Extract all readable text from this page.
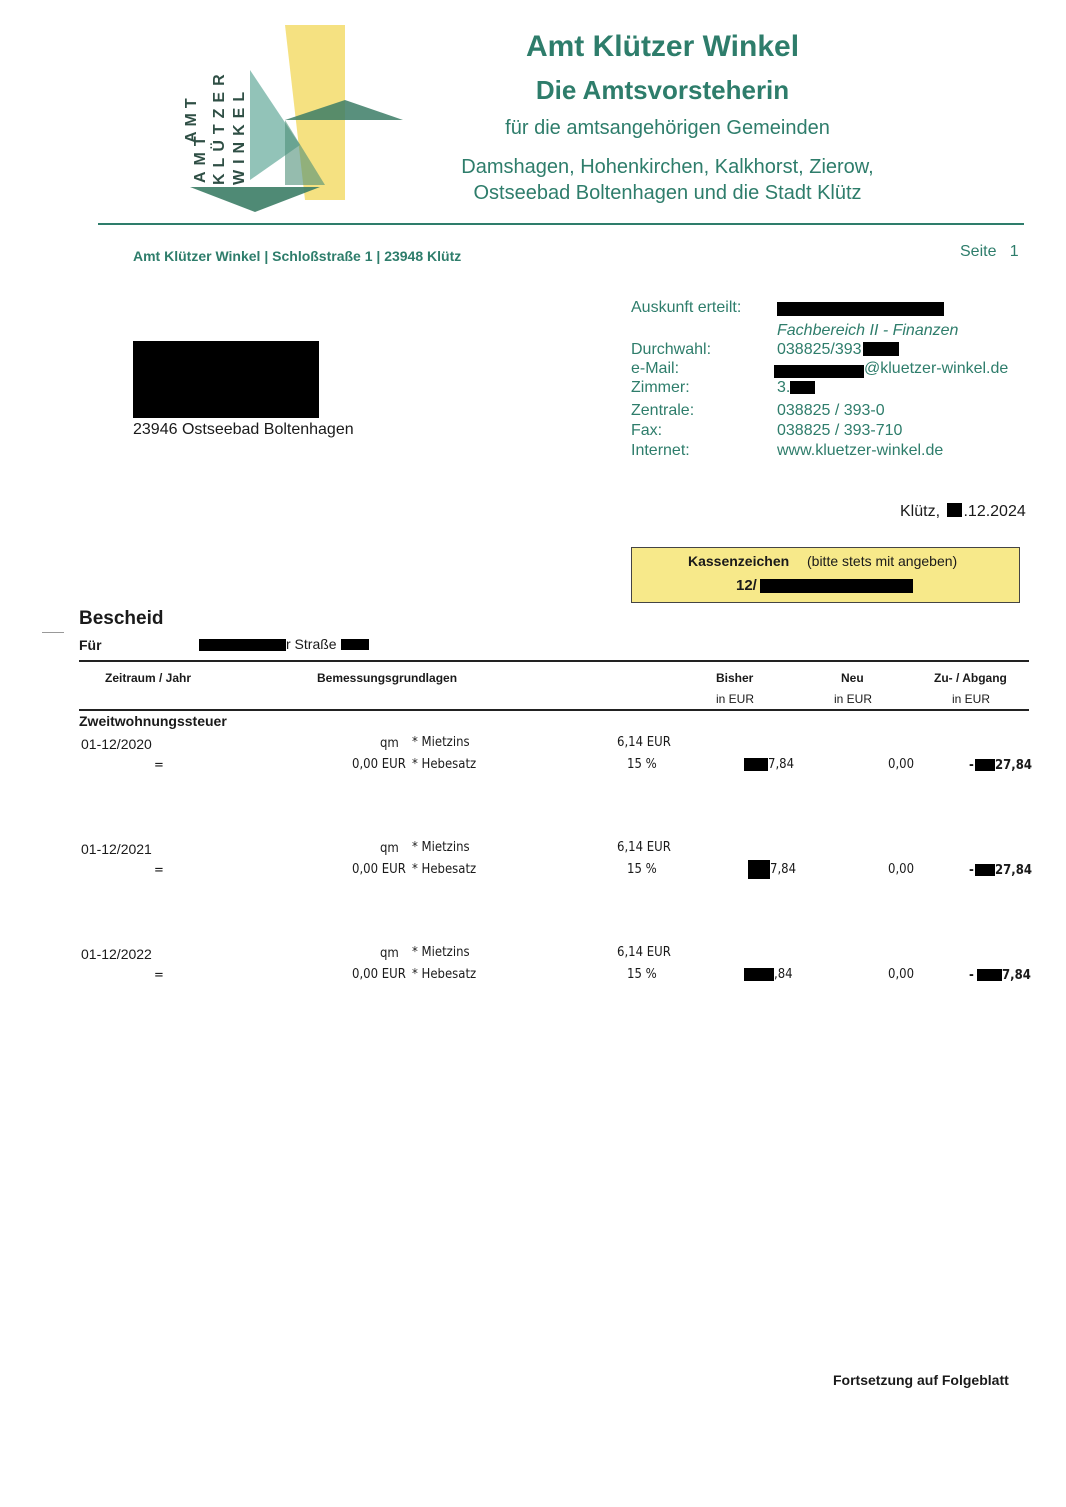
AMT KLÜTZER WINKEL
AMT
Amt Klützer Winkel
Die Amtsvorsteherin
für die amtsangehörigen Gemeinden
Damshagen, Hohenkirchen, Kalkhorst, Zierow,
Ostseebad Boltenhagen und die Stadt Klütz
Amt Klützer Winkel | Schloßstraße 1 | 23948 Klütz	Seite   1
Auskunft erteilt:
Fachbereich II - Finanzen
Durchwahl:	038825/393
e-Mail:	@kluetzer-winkel.de
Zimmer:	3.
Zentrale:	038825 / 393-0
Fax:	038825 / 393-710
Internet:	www.kluetzer-winkel.de
23946 Ostseebad Boltenhagen
Klütz, .12.2024
Kassenzeichen (bitte stets mit angeben)
12/
Bescheid
Für	r Straße
Zeitraum / Jahr	Bemessungsgrundlagen	Bisher	Neu	Zu- / Abgang
in EUR	in EUR	in EUR
Zweitwohnungssteuer
01-12/2020	qm * Mietzins	6,14 EUR
=	0,00 EUR * Hebesatz	15 %	7,84	0,00	- 27,84
01-12/2021	qm * Mietzins	6,14 EUR
=	0,00 EUR * Hebesatz	15 %	7,84	0,00	- 27,84
01-12/2022	qm * Mietzins	6,14 EUR
=	0,00 EUR * Hebesatz	15 %	,84	0,00	- 7,84
Fortsetzung auf Folgeblatt
